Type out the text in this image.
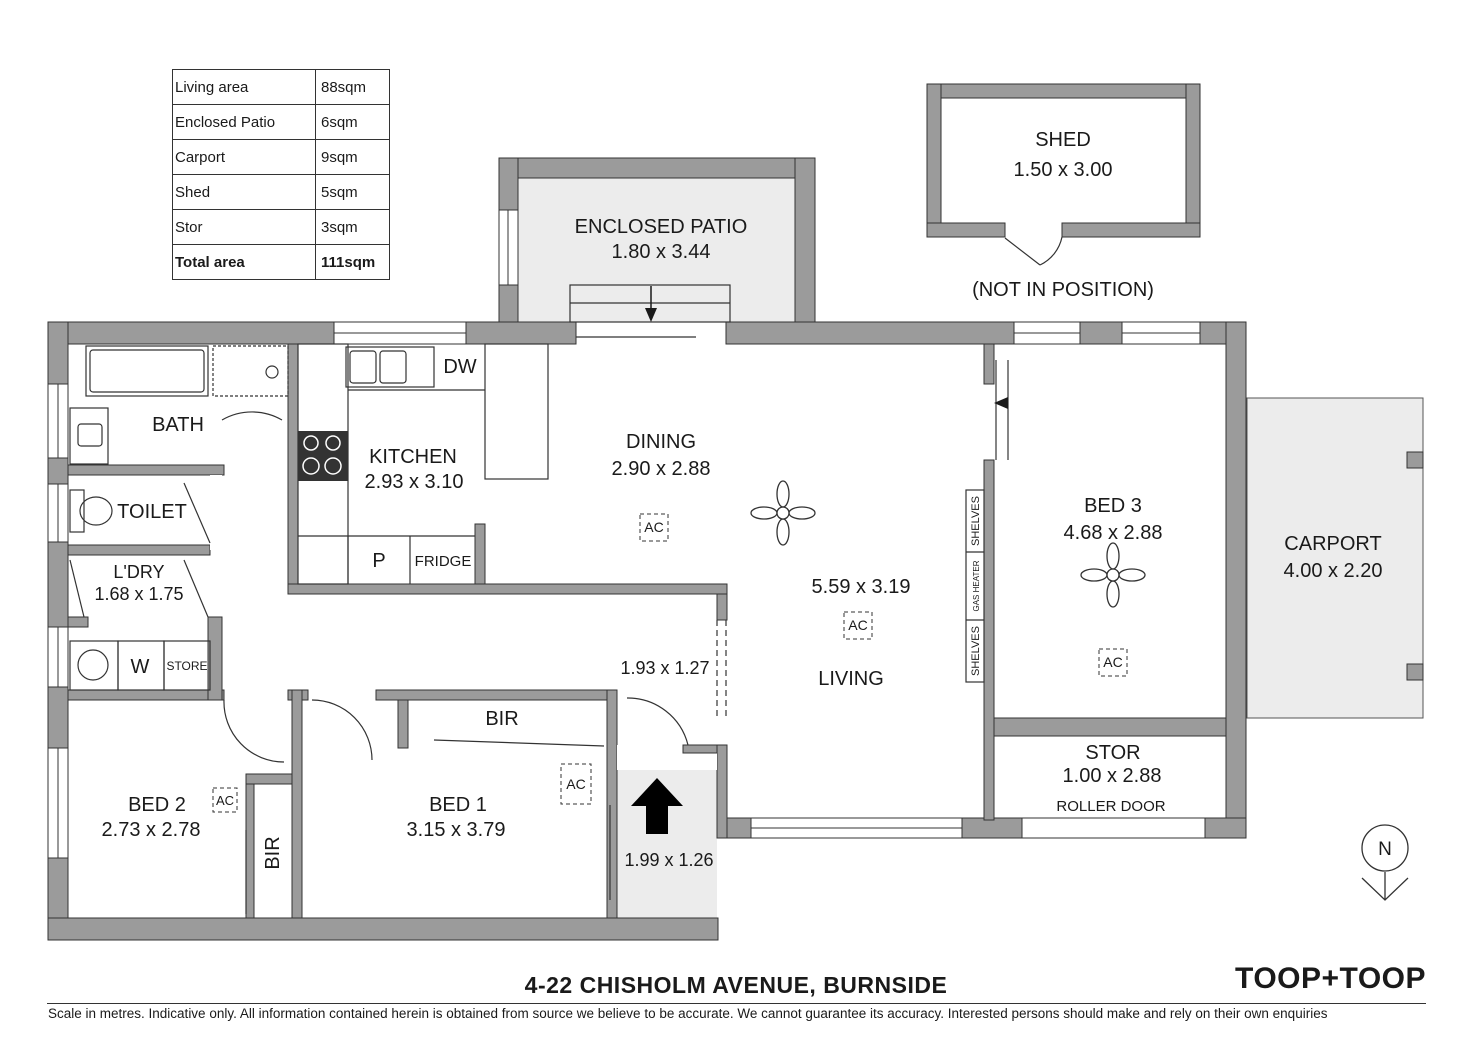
Living area	88sqm
Enclosed Patio	6sqm
Carport	9sqm
Shed	5sqm
Stor	3sqm
Total area	111sqm
SHED
1.50 x 3.00
(NOT IN POSITION)
ENCLOSED PATIO
1.80 x 3.44
BATH
TOILET
L'DRY
1.68 x 1.75
W STORE
KITCHEN
2.93 x 3.10
DW
P FRIDGE
DINING
2.90 x 2.88
5.59 x 3.19
LIVING
1.93 x 1.27
1.99 x 1.26
BED 1
3.15 x 3.79
BIR
BED 2
2.73 x 2.78
BIR
BED 3
4.68 x 2.88
STOR
1.00 x 2.88
ROLLER DOOR
CARPORT
4.00 x 2.20
AC
AC
AC
AC
AC
SHELVES
GAS HEATER
SHELVES
N
4-22 CHISHOLM AVENUE, BURNSIDE	TOOP+TOOP
Scale in metres. Indicative only. All information contained herein is obtained from source we believe to be accurate. We cannot guarantee its accuracy. Interested persons should make and rely on their own enquiries
